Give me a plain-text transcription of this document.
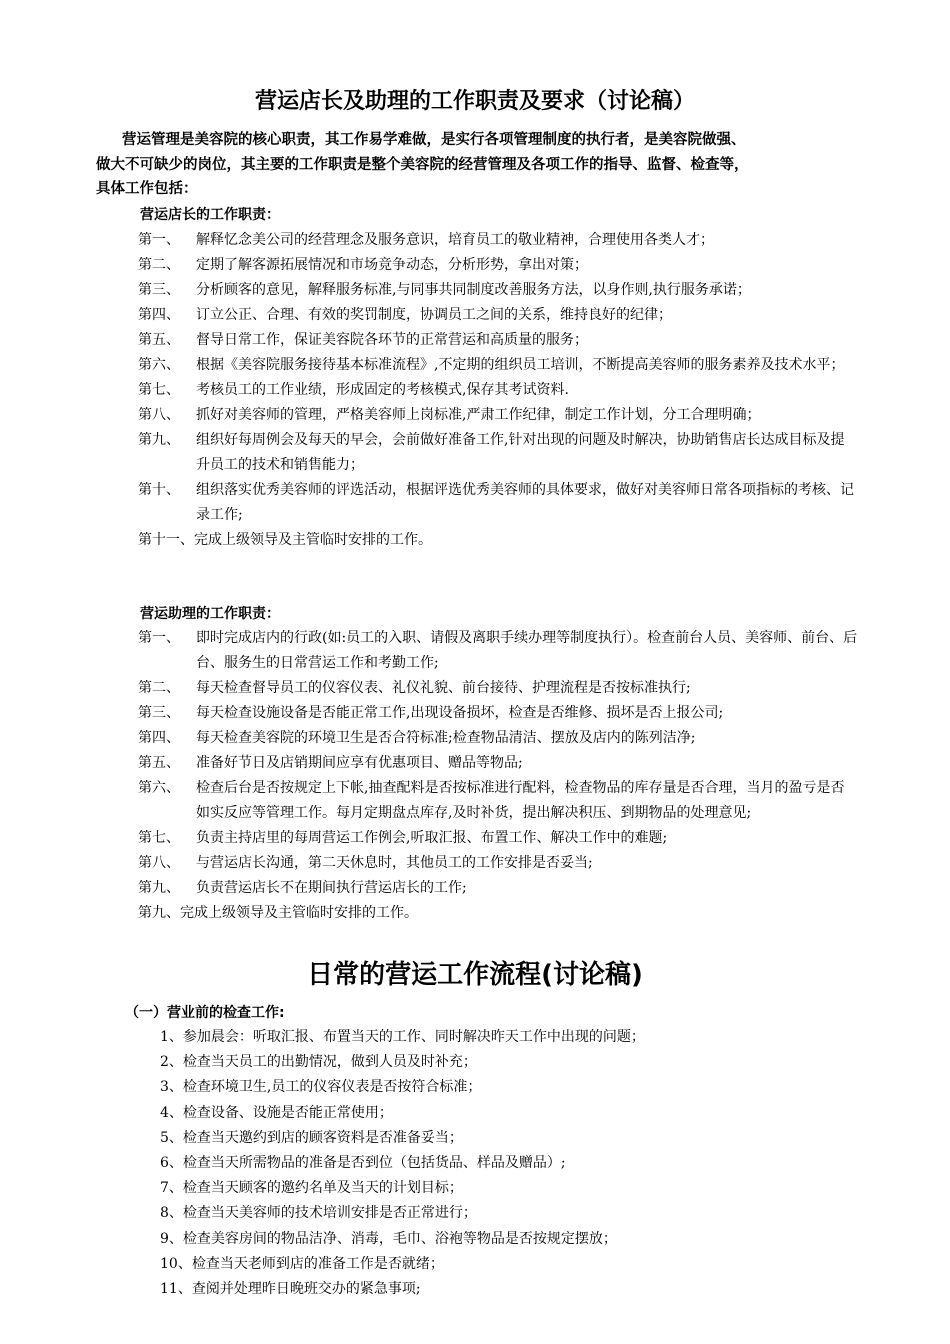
营运店长及助理的工作职责及要求（讨论稿）

营运管理是美容院的核心职责，其工作易学难做，是实行各项管理制度的执行者，是美容院做强、

做大不可缺少的岗位，其主要的工作职责是整个美容院的经营管理及各项工作的指导、监督、检查等，

具体工作包括：

营运店长的工作职责：
第一、	解释忆念美公司的经营理念及服务意识，培育员工的敬业精神，合理使用各类人才；
第二、	定期了解客源拓展情况和市场竞争动态，分析形势，拿出对策；
第三、	分析顾客的意见，解释服务标准,与同事共同制度改善服务方法，以身作则,执行服务承诺；
第四、	订立公正、合理、有效的奖罚制度，协调员工之间的关系，维持良好的纪律；
第五、	督导日常工作，保证美容院各环节的正常营运和高质量的服务；
第六、	根据《美容院服务接待基本标准流程》,不定期的组织员工培训，不断提高美容师的服务素养及技术水平；
第七、	考核员工的工作业绩，形成固定的考核模式,保存其考试资料.
第八、	抓好对美容师的管理，严格美容师上岗标准,严肃工作纪律，制定工作计划，分工合理明确；
第九、	组织好每周例会及每天的早会，会前做好准备工作,针对出现的问题及时解决，协助销售店长达成目标及提升员工的技术和销售能力；
第十、	组织落实优秀美容师的评选活动，根据评选优秀美容师的具体要求，做好对美容师日常各项指标的考核、记录工作;
第十一、完成上级领导及主管临时安排的工作。
营运助理的工作职责：
第一、	即时完成店内的行政(如:员工的入职、请假及离职手续办理等制度执行）。检查前台人员、美容师、前台、后台、服务生的日常营运工作和考勤工作;
第二、	每天检查督导员工的仪容仪表、礼仪礼貌、前台接待、护理流程是否按标准执行;
第三、	每天检查设施设备是否能正常工作,出现设备损坏，检查是否维修、损坏是否上报公司;
第四、	每天检查美容院的环境卫生是否合符标准;检查物品清洁、摆放及店内的陈列洁净;
第五、	准备好节日及店销期间应享有优惠项目、赠品等物品;
第六、	检查后台是否按规定上下帐,抽查配料是否按标准进行配料，检查物品的库存量是否合理，当月的盈亏是否如实反应等管理工作。每月定期盘点库存,及时补货，提出解决积压、到期物品的处理意见;
第七、	负责主持店里的每周营运工作例会,听取汇报、布置工作、解决工作中的难题;
第八、	与营运店长沟通，第二天休息时，其他员工的工作安排是否妥当;
第九、	负责营运店长不在期间执行营运店长的工作;
第九、完成上级领导及主管临时安排的工作。
日常的营运工作流程(讨论稿)
（一）营业前的检查工作:
1、参加晨会：听取汇报、布置当天的工作、同时解决昨天工作中出现的问题；
2、检查当天员工的出勤情况，做到人员及时补充；
3、检查环境卫生,员工的仪容仪表是否按符合标准；
4、检查设备、设施是否能正常使用；
5、检查当天邀约到店的顾客资料是否准备妥当；
6、检查当天所需物品的准备是否到位（包括货品、样品及赠品）;
7、检查当天顾客的邀约名单及当天的计划目标；
8、检查当天美容师的技术培训安排是否正常进行；
9、检查美容房间的物品洁净、消毒，毛巾、浴袍等物品是否按规定摆放；
10、检查当天老师到店的准备工作是否就绪；
11、查阅并处理昨日晚班交办的紧急事项;
